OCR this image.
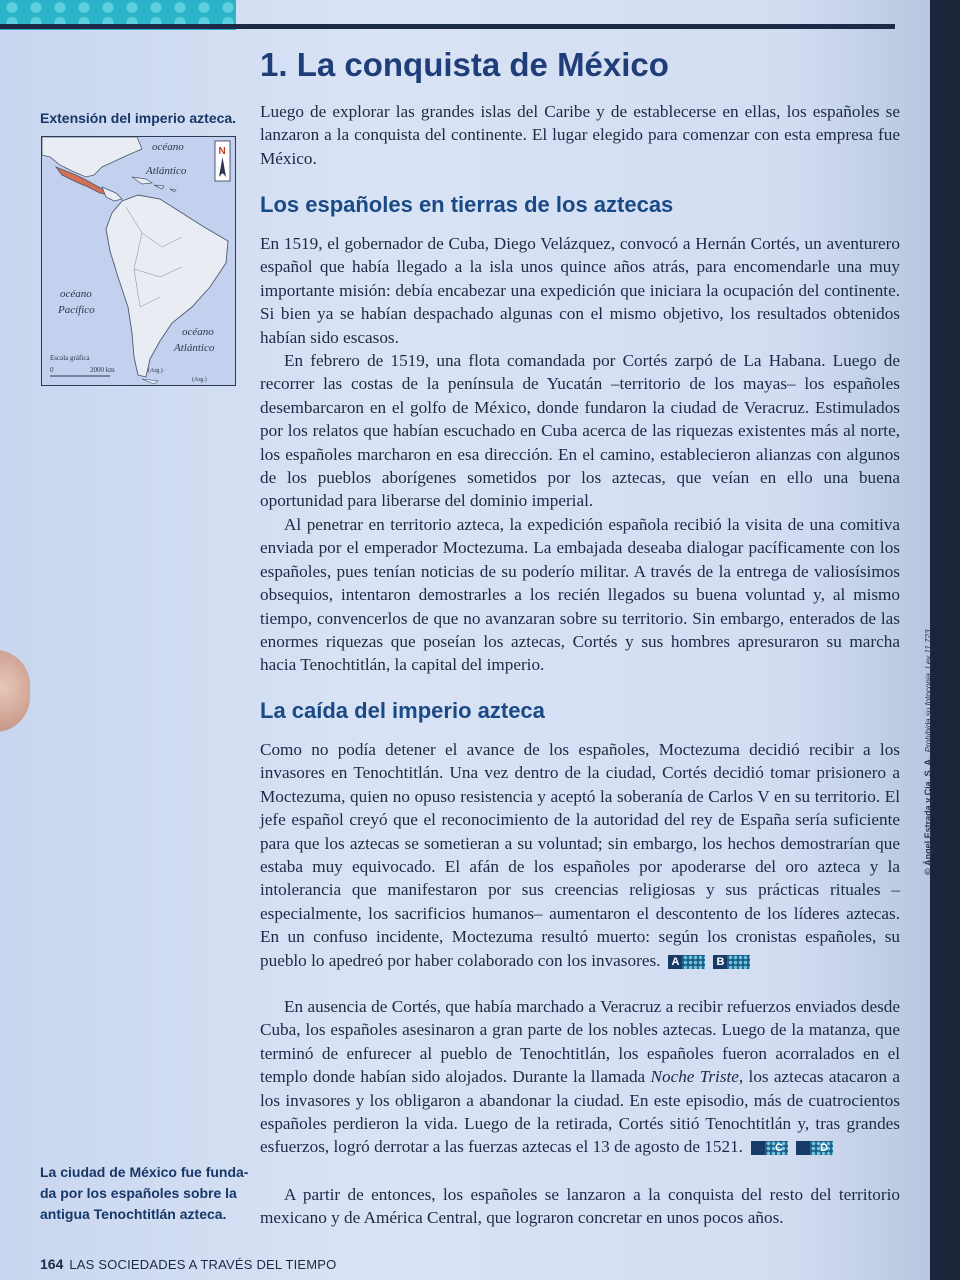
Extensión del imperio azteca.
océano
Atlántico
océano
Pacífico
océano
Atlántico
N
Escala gráfica
0	2000 km	(Arg.)
(Arg.)
1. La conquista de México

Luego de explorar las grandes islas del Caribe y de establecerse en ellas, los españoles se lanzaron a la conquista del continente. El lugar elegido para comenzar con esta empresa fue México.

Los españoles en tierras de los aztecas

En 1519, el gobernador de Cuba, Diego Velázquez, convocó a Hernán Cortés, un aventurero español que había llegado a la isla unos quince años atrás, para encomendarle una muy importante misión: debía encabezar una expedición que iniciara la ocupación del continente. Si bien ya se habían despachado algunas con el mismo objetivo, los resultados obtenidos habían sido escasos.

En febrero de 1519, una flota comandada por Cortés zarpó de La Habana. Luego de recorrer las costas de la península de Yucatán –territorio de los mayas– los españoles desembarcaron en el golfo de México, donde fundaron la ciudad de Veracruz. Estimulados por los relatos que habían escuchado en Cuba acerca de las riquezas existentes más al norte, los españoles marcharon en esa dirección. En el camino, establecieron alianzas con algunos de los pueblos aborígenes sometidos por los aztecas, que veían en ello una buena oportunidad para liberarse del dominio imperial.

Al penetrar en territorio azteca, la expedición española recibió la visita de una comitiva enviada por el emperador Moctezuma. La embajada deseaba dialogar pacíficamente con los españoles, pues tenían noticias de su poderío militar. A través de la entrega de valiosísimos obsequios, intentaron demostrarles a los recién llegados su buena voluntad y, al mismo tiempo, convencerlos de que no avanzaran sobre su territorio. Sin embargo, enterados de las enormes riquezas que poseían los aztecas, Cortés y sus hombres apresuraron su marcha hacia Tenochtitlán, la capital del imperio.

La caída del imperio azteca

Como no podía detener el avance de los españoles, Moctezuma decidió recibir a los invasores en Tenochtitlán. Una vez dentro de la ciudad, Cortés decidió tomar prisionero a Moctezuma, quien no opuso resistencia y aceptó la soberanía de Carlos V en su territorio. El jefe español creyó que el reconocimiento de la autoridad del rey de España sería suficiente para que los aztecas se sometieran a su voluntad; sin embargo, los hechos demostrarían que estaba muy equivocado. El afán de los españoles por apoderarse del oro azteca y la intolerancia que manifestaron por sus creencias religiosas y sus prácticas rituales –especialmente, los sacrificios humanos– aumentaron el descontento de los líderes aztecas. En un confuso incidente, Moctezuma resultó muerto: según los cronistas españoles, su pueblo lo apedreó por haber colaborado con los invasores. A	B

En ausencia de Cortés, que había marchado a Veracruz a recibir refuerzos enviados desde Cuba, los españoles asesinaron a gran parte de los nobles aztecas. Luego de la matanza, que terminó de enfurecer al pueblo de Tenochtitlán, los españoles fueron acorralados en el templo donde habían sido alojados. Durante la llamada Noche Triste, los aztecas atacaron a los invasores y los obligaron a abandonar la ciudad. En este episodio, más de cuatrocientos españoles perdieron la vida. Luego de la retirada, Cortés sitió Tenochtitlán y, tras grandes esfuerzos, logró derrotar a las fuerzas aztecas el 13 de agosto de 1521.	C	D

A partir de entonces, los españoles se lanzaron a la conquista del resto del territorio mexicano y de América Central, que lograron concretar en unos pocos años.

La ciudad de México fue funda-
da por los españoles sobre la
antigua Tenochtitlán azteca.
164 LAS SOCIEDADES A TRAVÉS DEL TIEMPO
© Ángel Estrada y Cía. S. A.  Prohibida su fotocopia. Ley 11.723
